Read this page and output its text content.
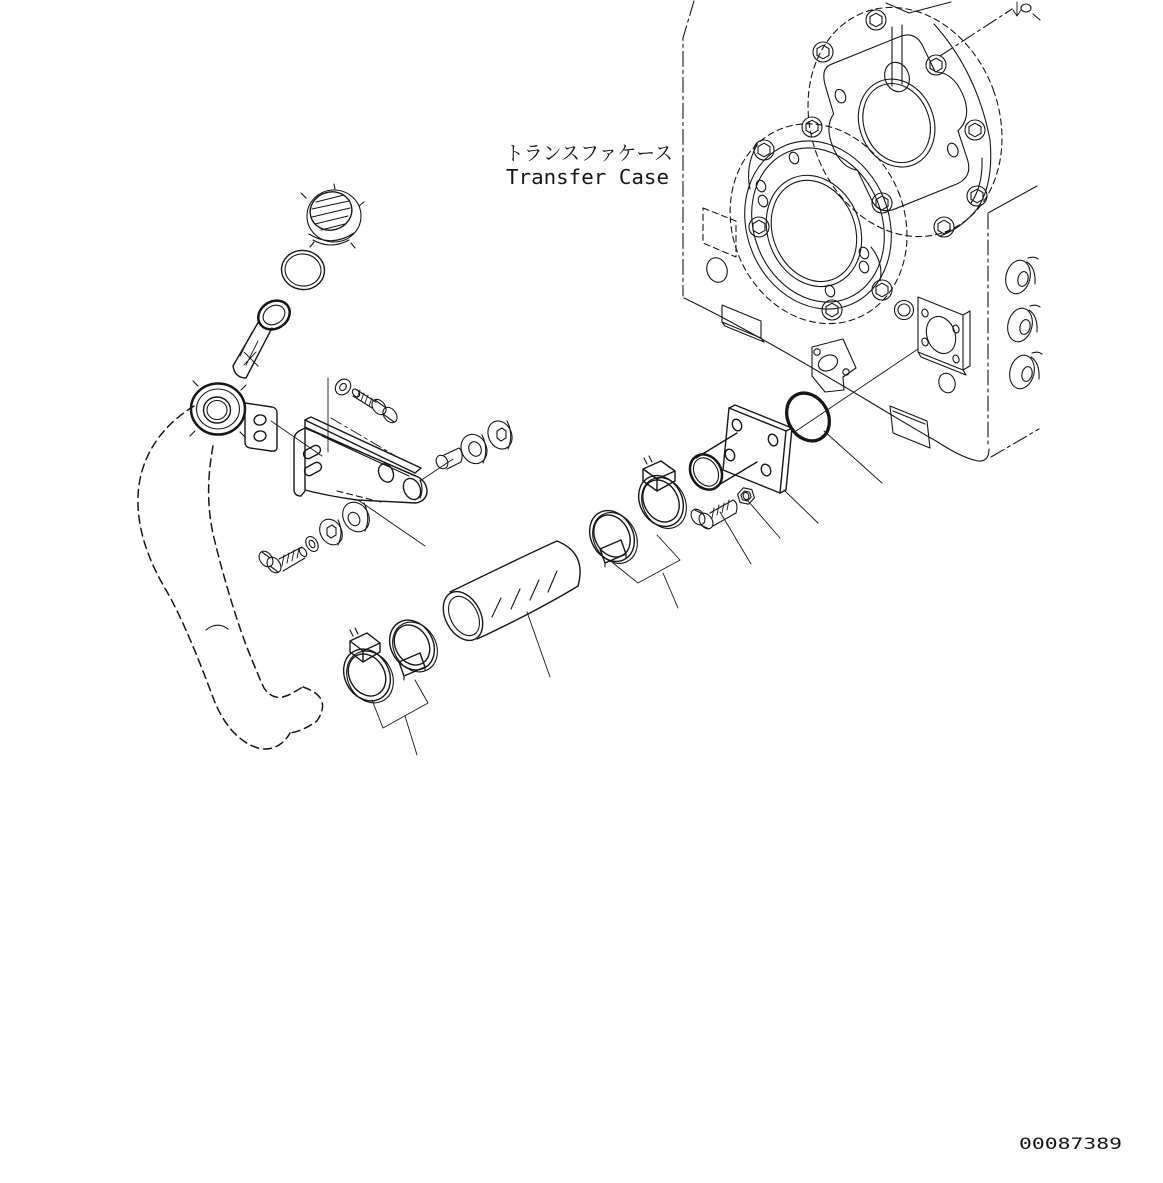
トランスファケース
Transfer Case
00087389
